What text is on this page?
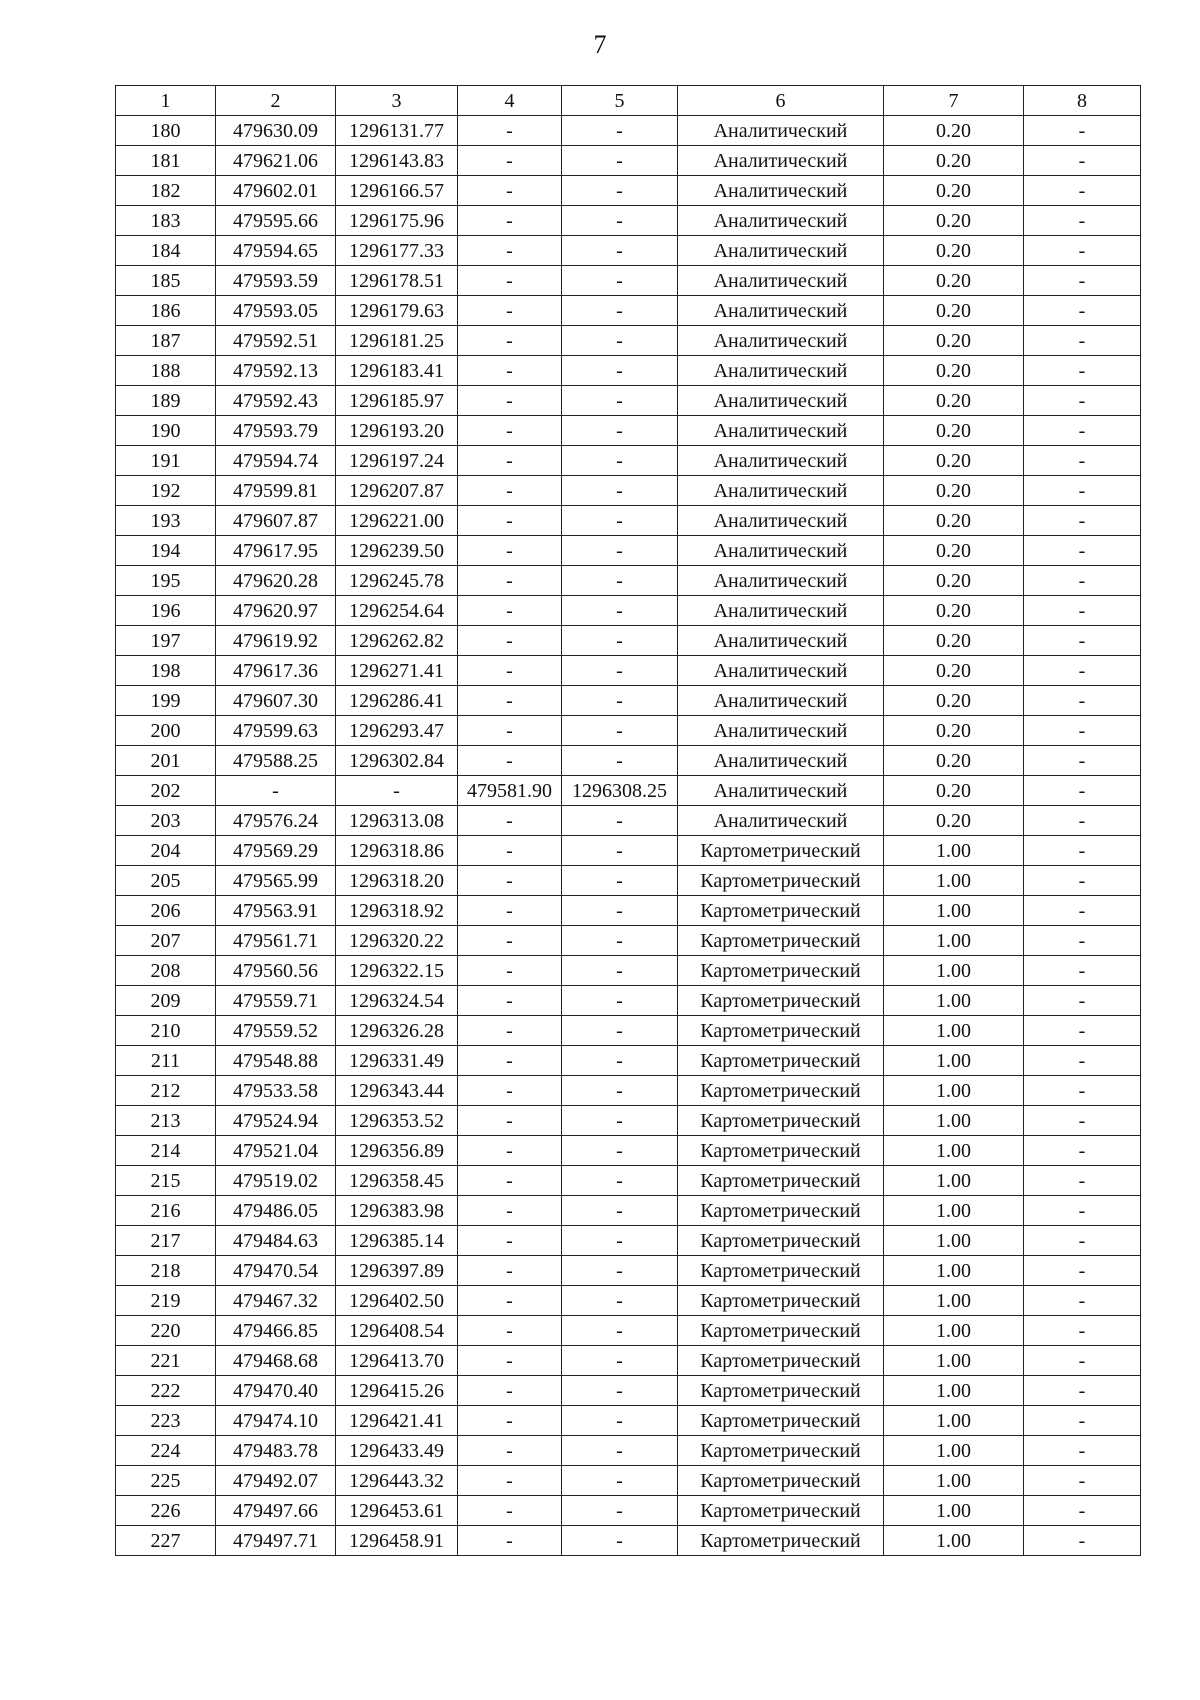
7
1	2	3	4	5	6	7	8
180	479630.09	1296131.77	-	-	Аналитический	0.20	-
181	479621.06	1296143.83	-	-	Аналитический	0.20	-
182	479602.01	1296166.57	-	-	Аналитический	0.20	-
183	479595.66	1296175.96	-	-	Аналитический	0.20	-
184	479594.65	1296177.33	-	-	Аналитический	0.20	-
185	479593.59	1296178.51	-	-	Аналитический	0.20	-
186	479593.05	1296179.63	-	-	Аналитический	0.20	-
187	479592.51	1296181.25	-	-	Аналитический	0.20	-
188	479592.13	1296183.41	-	-	Аналитический	0.20	-
189	479592.43	1296185.97	-	-	Аналитический	0.20	-
190	479593.79	1296193.20	-	-	Аналитический	0.20	-
191	479594.74	1296197.24	-	-	Аналитический	0.20	-
192	479599.81	1296207.87	-	-	Аналитический	0.20	-
193	479607.87	1296221.00	-	-	Аналитический	0.20	-
194	479617.95	1296239.50	-	-	Аналитический	0.20	-
195	479620.28	1296245.78	-	-	Аналитический	0.20	-
196	479620.97	1296254.64	-	-	Аналитический	0.20	-
197	479619.92	1296262.82	-	-	Аналитический	0.20	-
198	479617.36	1296271.41	-	-	Аналитический	0.20	-
199	479607.30	1296286.41	-	-	Аналитический	0.20	-
200	479599.63	1296293.47	-	-	Аналитический	0.20	-
201	479588.25	1296302.84	-	-	Аналитический	0.20	-
202	-	-	479581.90	1296308.25	Аналитический	0.20	-
203	479576.24	1296313.08	-	-	Аналитический	0.20	-
204	479569.29	1296318.86	-	-	Картометрический	1.00	-
205	479565.99	1296318.20	-	-	Картометрический	1.00	-
206	479563.91	1296318.92	-	-	Картометрический	1.00	-
207	479561.71	1296320.22	-	-	Картометрический	1.00	-
208	479560.56	1296322.15	-	-	Картометрический	1.00	-
209	479559.71	1296324.54	-	-	Картометрический	1.00	-
210	479559.52	1296326.28	-	-	Картометрический	1.00	-
211	479548.88	1296331.49	-	-	Картометрический	1.00	-
212	479533.58	1296343.44	-	-	Картометрический	1.00	-
213	479524.94	1296353.52	-	-	Картометрический	1.00	-
214	479521.04	1296356.89	-	-	Картометрический	1.00	-
215	479519.02	1296358.45	-	-	Картометрический	1.00	-
216	479486.05	1296383.98	-	-	Картометрический	1.00	-
217	479484.63	1296385.14	-	-	Картометрический	1.00	-
218	479470.54	1296397.89	-	-	Картометрический	1.00	-
219	479467.32	1296402.50	-	-	Картометрический	1.00	-
220	479466.85	1296408.54	-	-	Картометрический	1.00	-
221	479468.68	1296413.70	-	-	Картометрический	1.00	-
222	479470.40	1296415.26	-	-	Картометрический	1.00	-
223	479474.10	1296421.41	-	-	Картометрический	1.00	-
224	479483.78	1296433.49	-	-	Картометрический	1.00	-
225	479492.07	1296443.32	-	-	Картометрический	1.00	-
226	479497.66	1296453.61	-	-	Картометрический	1.00	-
227	479497.71	1296458.91	-	-	Картометрический	1.00	-
